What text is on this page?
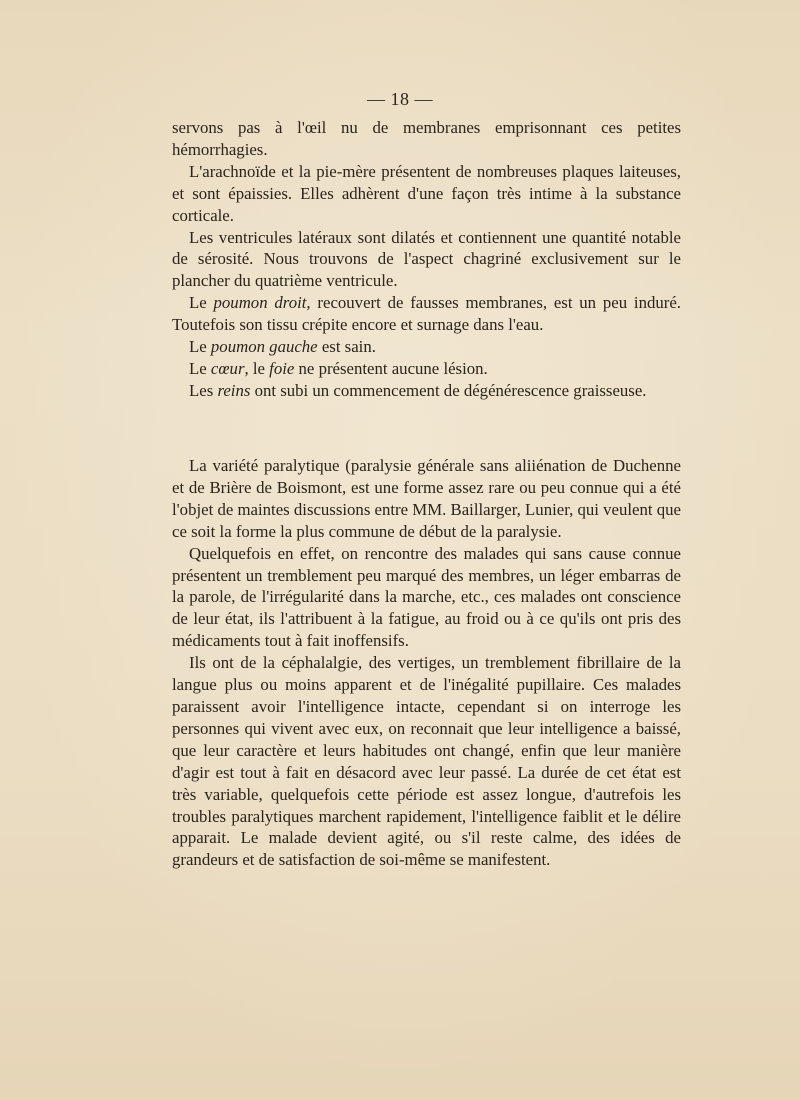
— 18 —

servons pas à l'œil nu de membranes emprisonnant ces petites hémorrhagies.

L'arachnoïde et la pie-mère présentent de nombreuses plaques laiteuses, et sont épaissies. Elles adhèrent d'une façon très intime à la substance corticale.

Les ventricules latéraux sont dilatés et contiennent une quantité notable de sérosité. Nous trouvons de l'aspect chagriné exclusivement sur le plancher du quatrième ventricule.

Le poumon droit, recouvert de fausses membranes, est un peu induré. Toutefois son tissu crépite encore et surnage dans l'eau.

Le poumon gauche est sain.

Le cœur, le foie ne présentent aucune lésion.

Les reins ont subi un commencement de dégénérescence graisseuse.

La variété paralytique (paralysie générale sans aliiénation de Duchenne et de Brière de Boismont, est une forme assez rare ou peu connue qui a été l'objet de maintes discussions entre MM. Baillarger, Lunier, qui veulent que ce soit la forme la plus commune de début de la paralysie.

Quelquefois en effet, on rencontre des malades qui sans cause connue présentent un tremblement peu marqué des membres, un léger embarras de la parole, de l'irrégularité dans la marche, etc., ces malades ont conscience de leur état, ils l'attribuent à la fatigue, au froid ou à ce qu'ils ont pris des médicaments tout à fait inoffensifs.

Ils ont de la céphalalgie, des vertiges, un tremblement fibrillaire de la langue plus ou moins apparent et de l'inégalité pupillaire. Ces malades paraissent avoir l'intelligence intacte, cependant si on interroge les personnes qui vivent avec eux, on reconnait que leur intelligence a baissé, que leur caractère et leurs habitudes ont changé, enfin que leur manière d'agir est tout à fait en désacord avec leur passé. La durée de cet état est très variable, quelquefois cette période est assez longue, d'autrefois les troubles paralytiques marchent rapidement, l'intelligence faiblit et le délire apparait. Le malade devient agité, ou s'il reste calme, des idées de grandeurs et de satisfaction de soi-même se manifestent.
